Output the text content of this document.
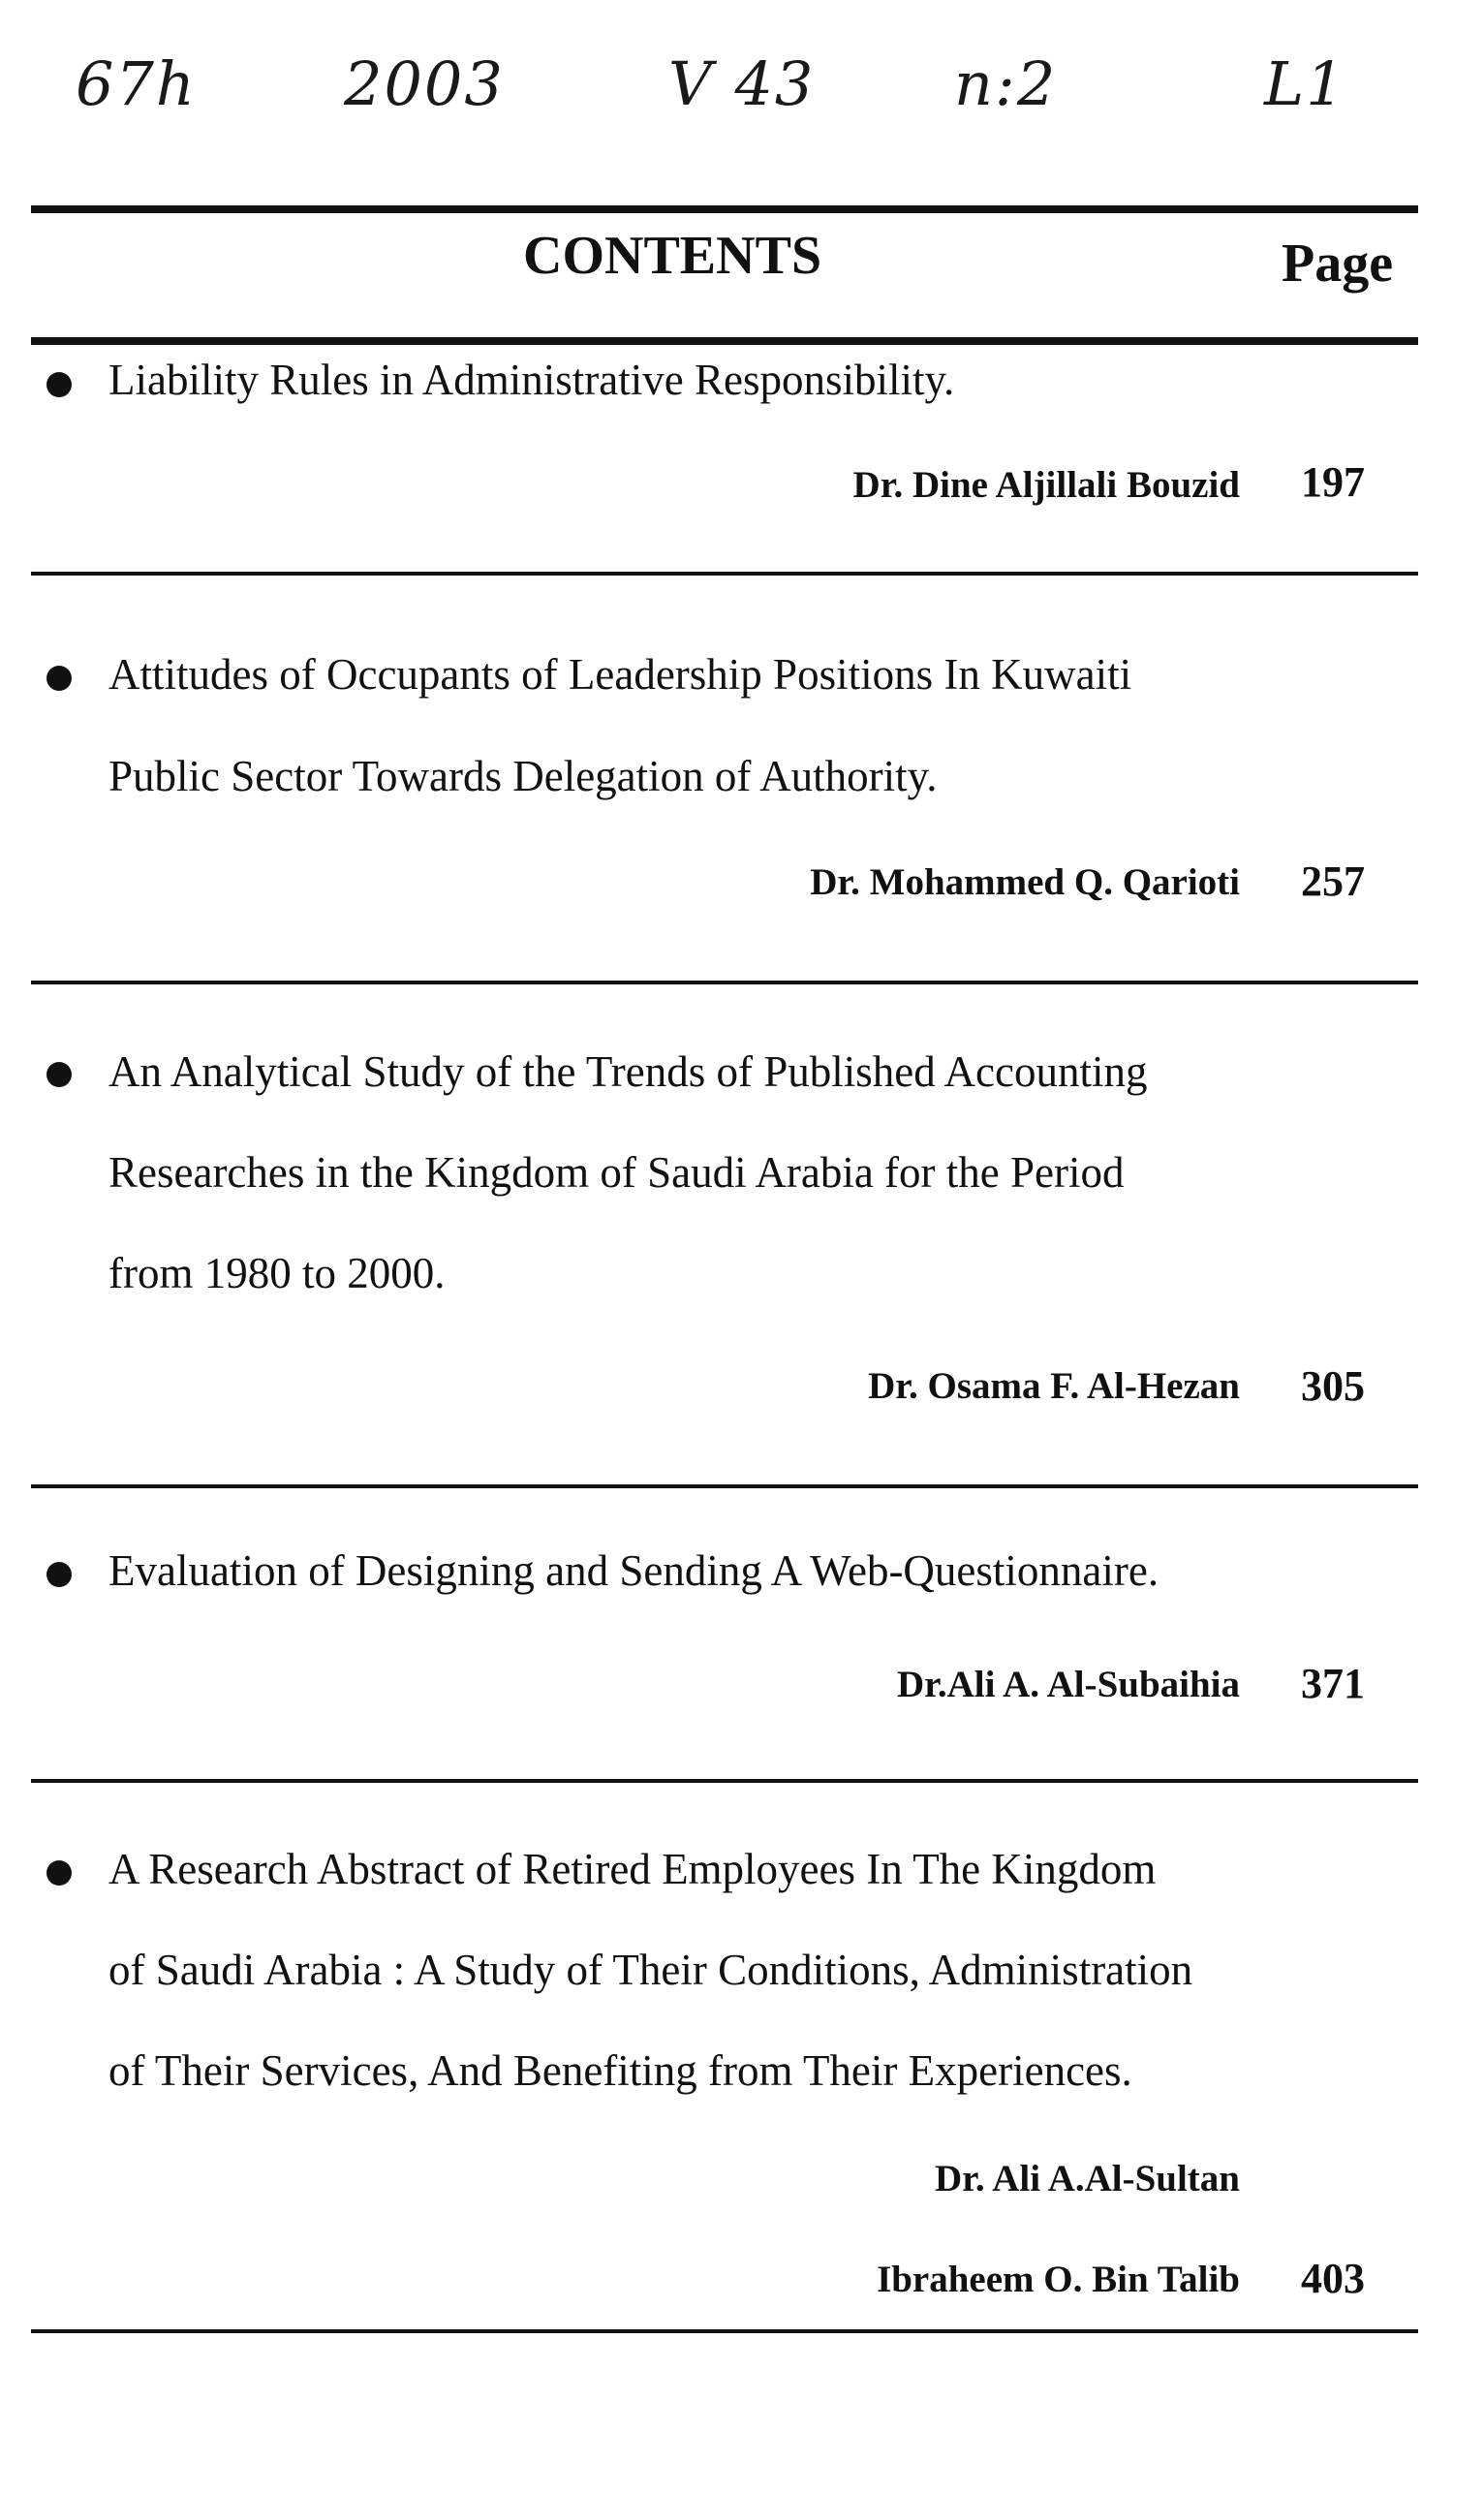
67h 2003	V 43 n:2	L1
CONTENTS	Page
Liability Rules in Administrative Responsibility.
Dr. Dine Aljillali Bouzid 197
Attitudes of Occupants of Leadership Positions In Kuwaiti
Public Sector Towards Delegation of Authority.
Dr. Mohammed Q. Qarioti 257
An Analytical Study of the Trends of Published Accounting
Researches in the Kingdom of Saudi Arabia for the Period
from 1980 to 2000.
Dr. Osama F. Al-Hezan 305
Evaluation of Designing and Sending A Web-Questionnaire.
Dr.Ali A. Al-Subaihia 371
A Research Abstract of Retired Employees In The Kingdom
of Saudi Arabia : A Study of Their Conditions, Administration
of Their Services, And Benefiting from Their Experiences.
Dr. Ali A.Al-Sultan
Ibraheem O. Bin Talib 403
